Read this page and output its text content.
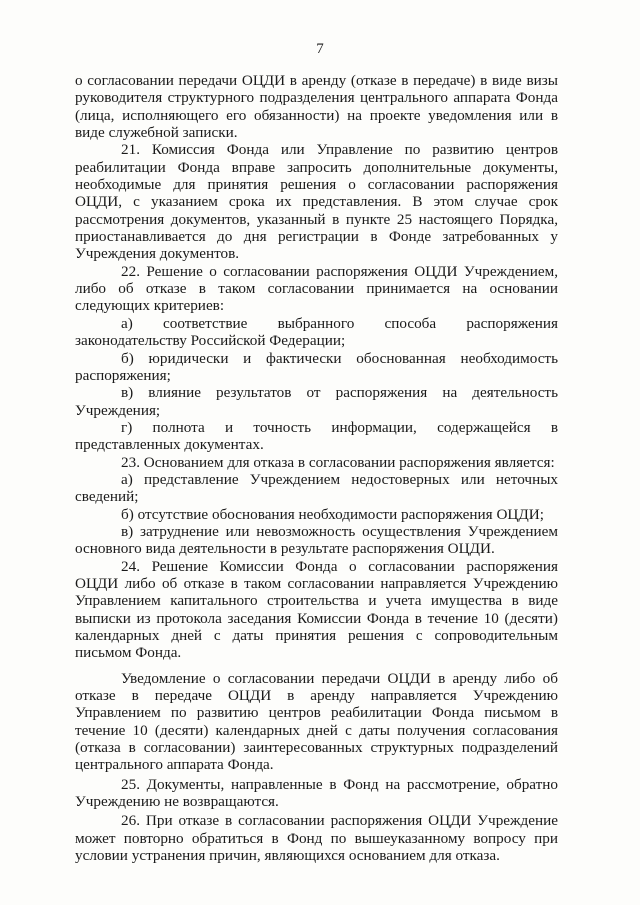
7

о согласовании передачи ОЦДИ в аренду (отказе в передаче) в виде визы руководителя структурного подразделения центрального аппарата Фонда (лица, исполняющего его обязанности) на проекте уведомления или в виде служебной записки.

21. Комиссия Фонда или Управление по развитию центров реабилитации Фонда вправе запросить дополнительные документы, необходимые для принятия решения о согласовании распоряжения ОЦДИ, с указанием срока их представления. В этом случае срок рассмотрения документов, указанный в пункте 25 настоящего Порядка, приостанавливается до дня регистрации в Фонде затребованных у Учреждения документов.

22. Решение о согласовании распоряжения ОЦДИ Учреждением, либо об отказе в таком согласовании принимается на основании следующих критериев:

а) соответствие выбранного способа распоряжения законодательству Российской Федерации;

б) юридически и фактически обоснованная необходимость распоряжения;

в) влияние результатов от распоряжения на деятельность Учреждения;

г) полнота и точность информации, содержащейся в представленных документах.

23. Основанием для отказа в согласовании распоряжения является:

а) представление Учреждением недостоверных или неточных сведений;

б) отсутствие обоснования необходимости распоряжения ОЦДИ;

в) затруднение или невозможность осуществления Учреждением основного вида деятельности в результате распоряжения ОЦДИ.

24. Решение Комиссии Фонда о согласовании распоряжения ОЦДИ либо об отказе в таком согласовании направляется Учреждению Управлением капитального строительства и учета имущества в виде выписки из протокола заседания Комиссии Фонда в течение 10 (десяти) календарных дней с даты принятия решения с сопроводительным письмом Фонда.

Уведомление о согласовании передачи ОЦДИ в аренду либо об отказе в передаче ОЦДИ в аренду направляется Учреждению Управлением по развитию центров реабилитации Фонда письмом в течение 10 (десяти) календарных дней с даты получения согласования (отказа в согласовании) заинтересованных структурных подразделений центрального аппарата Фонда.

25. Документы, направленные в Фонд на рассмотрение, обратно Учреждению не возвращаются.

26. При отказе в согласовании распоряжения ОЦДИ Учреждение может повторно обратиться в Фонд по вышеуказанному вопросу при условии устранения причин, являющихся основанием для отказа.
